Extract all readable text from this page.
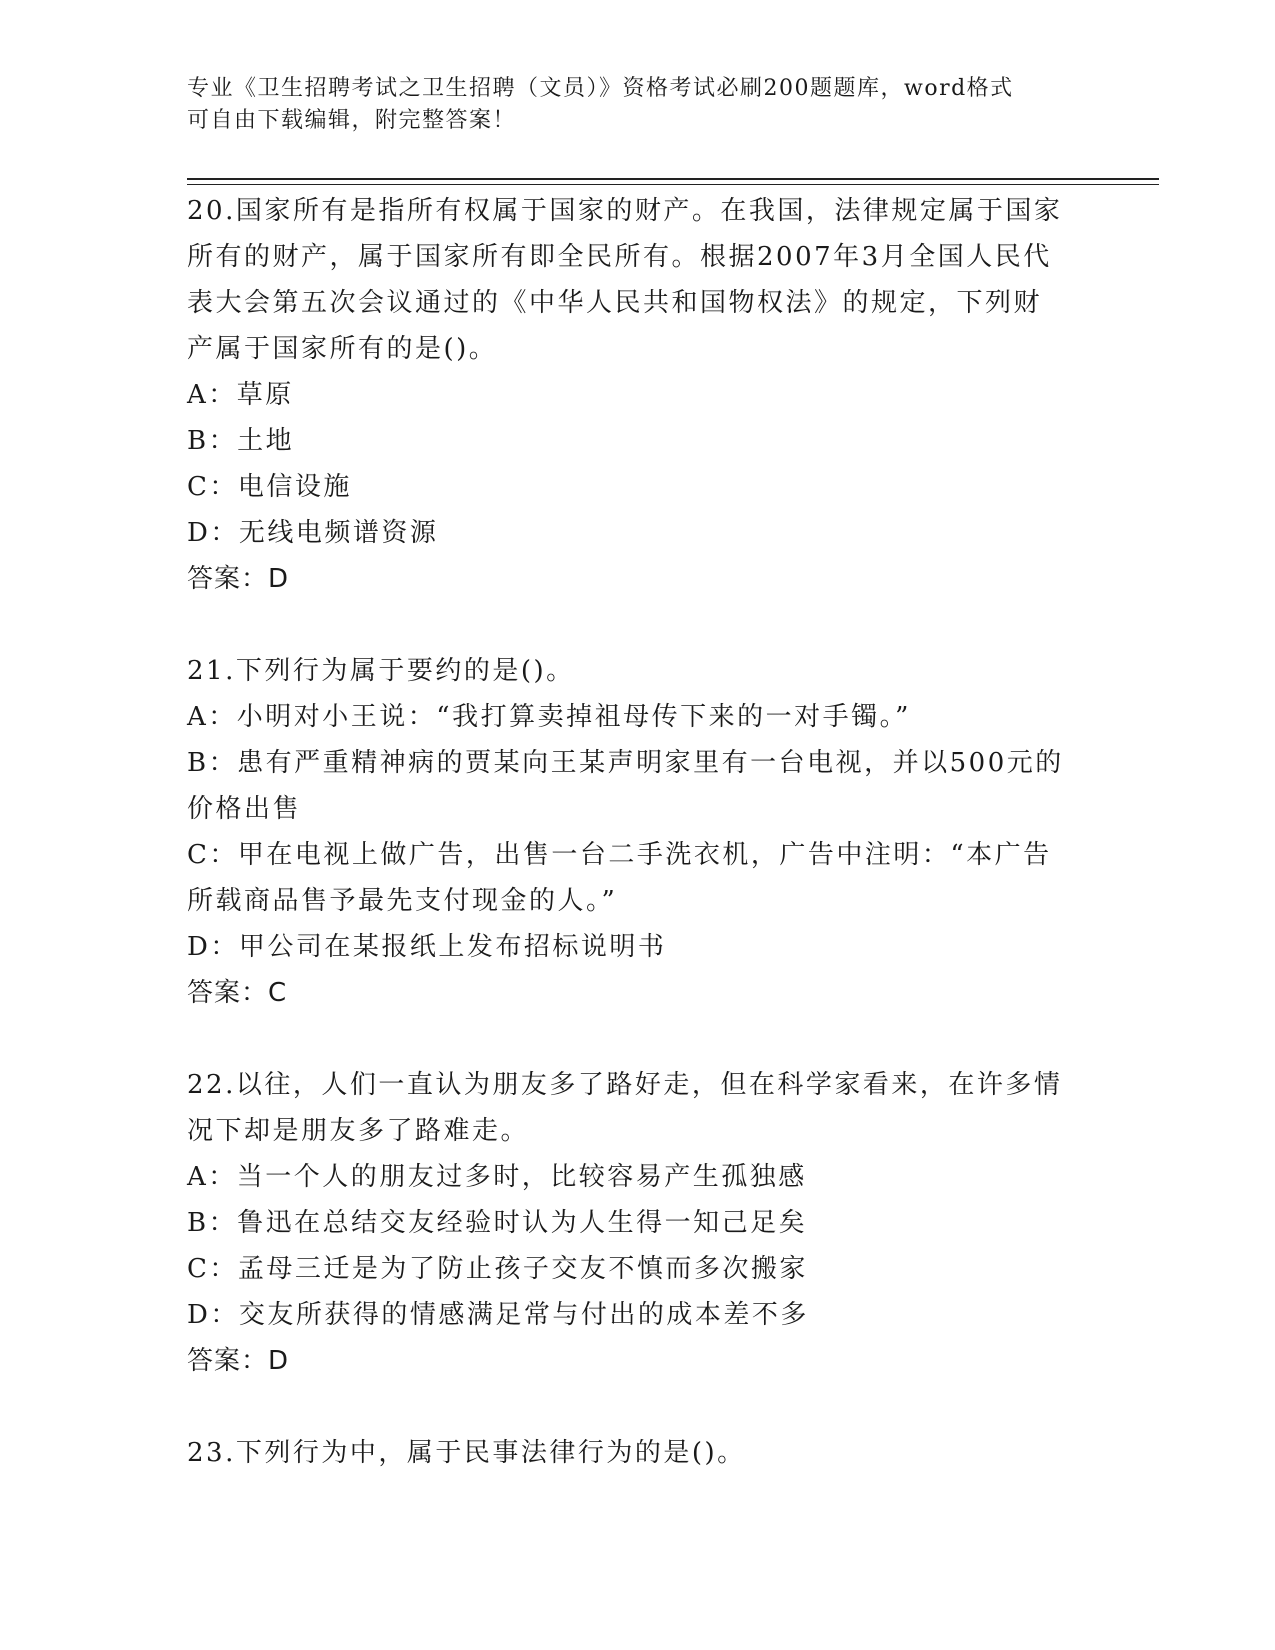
专业《卫生招聘考试之卫生招聘（文员）》资格考试必刷200题题库，word格式
可自由下载编辑，附完整答案！
20.国家所有是指所有权属于国家的财产。在我国，法律规定属于国家
所有的财产，属于国家所有即全民所有。根据2007年3月全国人民代
表大会第五次会议通过的《中华人民共和国物权法》的规定，下列财
产属于国家所有的是()。
A：草原
B：土地
C：电信设施
D：无线电频谱资源
答案：D
21.下列行为属于要约的是()。
A：小明对小王说：“我打算卖掉祖母传下来的一对手镯。”
B：患有严重精神病的贾某向王某声明家里有一台电视，并以500元的
价格出售
C：甲在电视上做广告，出售一台二手洗衣机，广告中注明：“本广告
所载商品售予最先支付现金的人。”
D：甲公司在某报纸上发布招标说明书
答案：C
22.以往，人们一直认为朋友多了路好走，但在科学家看来，在许多情
况下却是朋友多了路难走。
A：当一个人的朋友过多时，比较容易产生孤独感
B：鲁迅在总结交友经验时认为人生得一知己足矣
C：孟母三迁是为了防止孩子交友不慎而多次搬家
D：交友所获得的情感满足常与付出的成本差不多
答案：D
23.下列行为中，属于民事法律行为的是()。
